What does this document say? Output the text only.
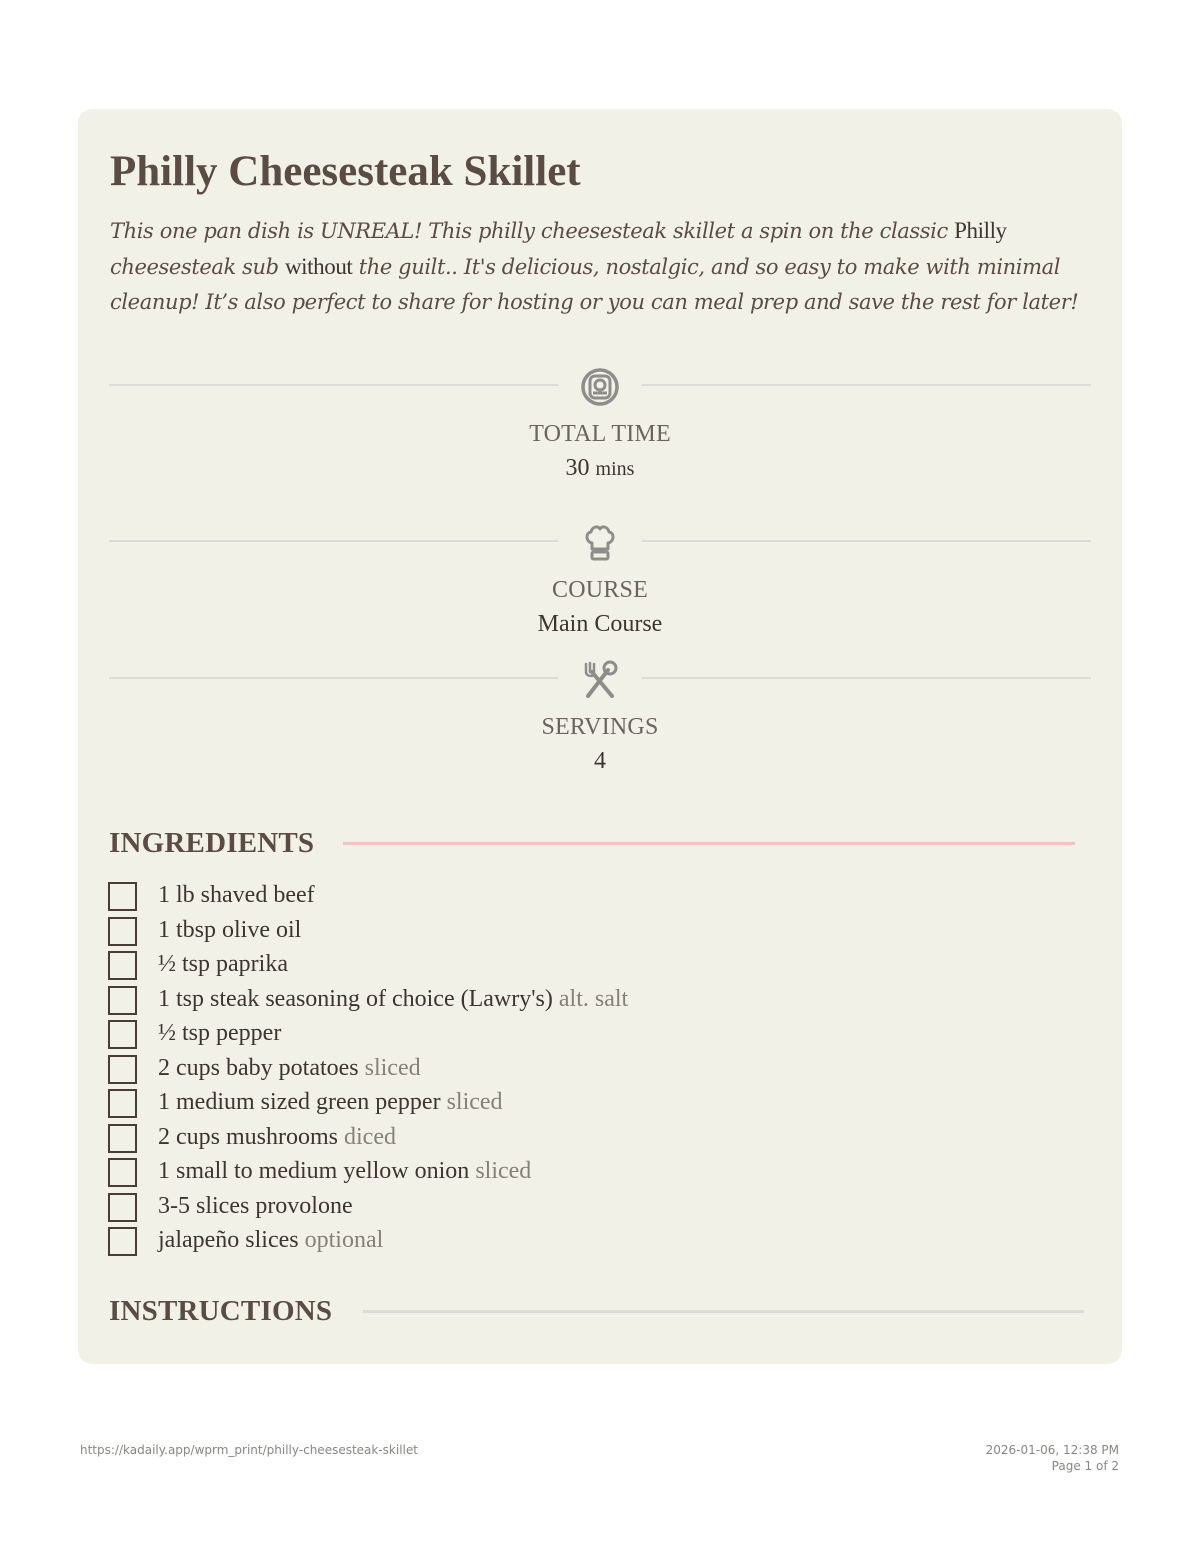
Philly Cheesesteak Skillet

This one pan dish is UNREAL! This philly cheesesteak skillet a spin on the classic Philly cheesesteak sub without the guilt.. It's delicious, nostalgic, and so easy to make with minimal cleanup! It’s also perfect to share for hosting or you can meal prep and save the rest for later!

TOTAL TIME
30 mins
COURSE
Main Course
SERVINGS
4
INGREDIENTS
1 lb shaved beef
1 tbsp olive oil
½ tsp paprika
1 tsp steak seasoning of choice (Lawry's) alt. salt
½ tsp pepper
2 cups baby potatoes sliced
1 medium sized green pepper sliced
2 cups mushrooms diced
1 small to medium yellow onion sliced
3-5 slices provolone
jalapeño slices optional
INSTRUCTIONS
https://kadaily.app/wprm_print/philly-cheesesteak-skillet	2026-01-06, 12:38 PM
Page 1 of 2
